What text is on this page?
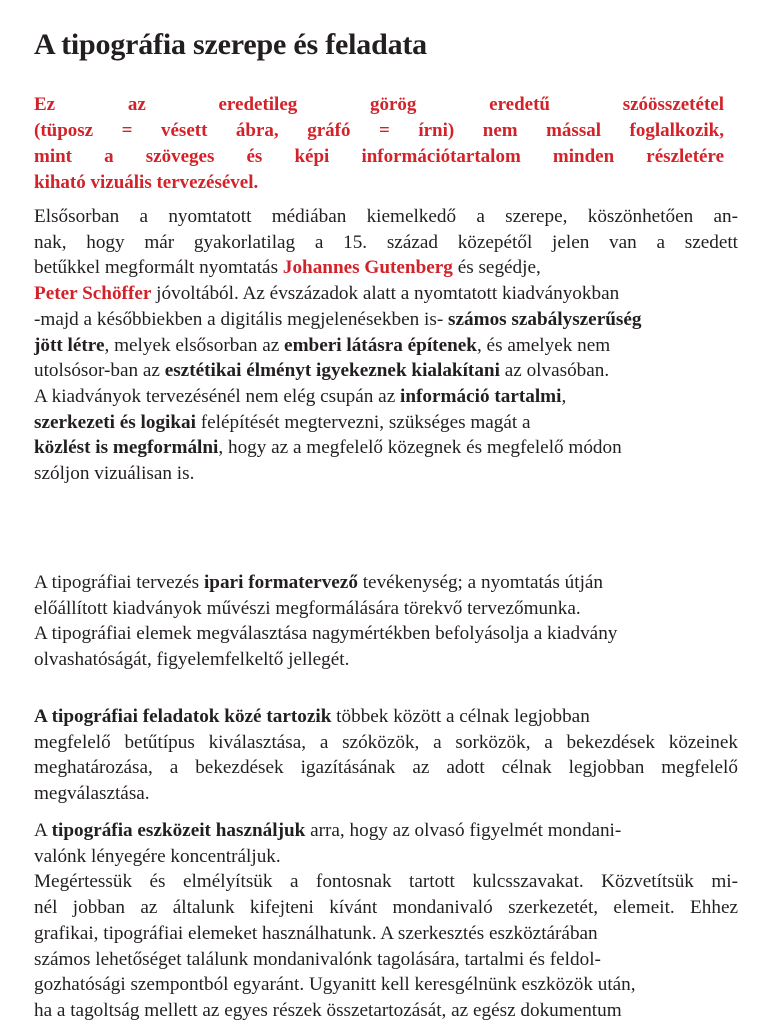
A tipográfia szerepe és feladata
Ez az eredetileg görög eredetű szóösszetétel
(tüposz = vésett ábra, gráfó = írni) nem mással foglalkozik,
mint a szöveges és képi információtartalom minden részletére
kiható vizuális tervezésével.
Elsősorban a nyomtatott médiában kiemelkedő a szerepe, köszönhetően an-
nak, hogy már gyakorlatilag a 15. század közepétől jelen van a szedett
betűkkel megformált nyomtatás Johannes Gutenberg és segédje,
Peter Schöffer jóvoltából. Az évszázadok alatt a nyomtatott kiadványokban
-majd a későbbiekben a digitális megjelenésekben is- számos szabályszerűség
jött létre, melyek elsősorban az emberi látásra építenek, és amelyek nem
utolsósor-ban az esztétikai élményt igyekeznek kialakítani az olvasóban.
A kiadványok tervezésénél nem elég csupán az információ tartalmi,
szerkezeti és logikai felépítését megtervezni, szükséges magát a
közlést is megformálni, hogy az a megfelelő közegnek és megfelelő módon
szóljon vizuálisan is.
A tipográfiai tervezés ipari formatervező tevékenység; a nyomtatás útján
előállított kiadványok művészi megformálására törekvő tervezőmunka.
A tipográfiai elemek megválasztása nagymértékben befolyásolja a kiadvány
olvashatóságát, figyelemfelkeltő jellegét.
A tipográfiai feladatok közé tartozik többek között a célnak legjobban
megfelelő betűtípus kiválasztása, a szóközök, a sorközök, a bekezdések közeinek
meghatározása, a bekezdések igazításának az adott célnak legjobban megfelelő
megválasztása.
A tipográfia eszközeit használjuk arra, hogy az olvasó figyelmét mondani-
valónk lényegére koncentráljuk.
Megértessük és elmélyítsük a fontosnak tartott kulcsszavakat. Közvetítsük mi-
nél jobban az általunk kifejteni kívánt mondanivaló szerkezetét, elemeit. Ehhez
grafikai, tipográfiai elemeket használhatunk. A szerkesztés eszköztárában
számos lehetőséget találunk mondanivalónk tagolására, tartalmi és feldol-
gozhatósági szempontból egyaránt. Ugyanitt kell keresgélnünk eszközök után,
ha a tagoltság mellett az egyes részek összetartozását, az egész dokumentum
